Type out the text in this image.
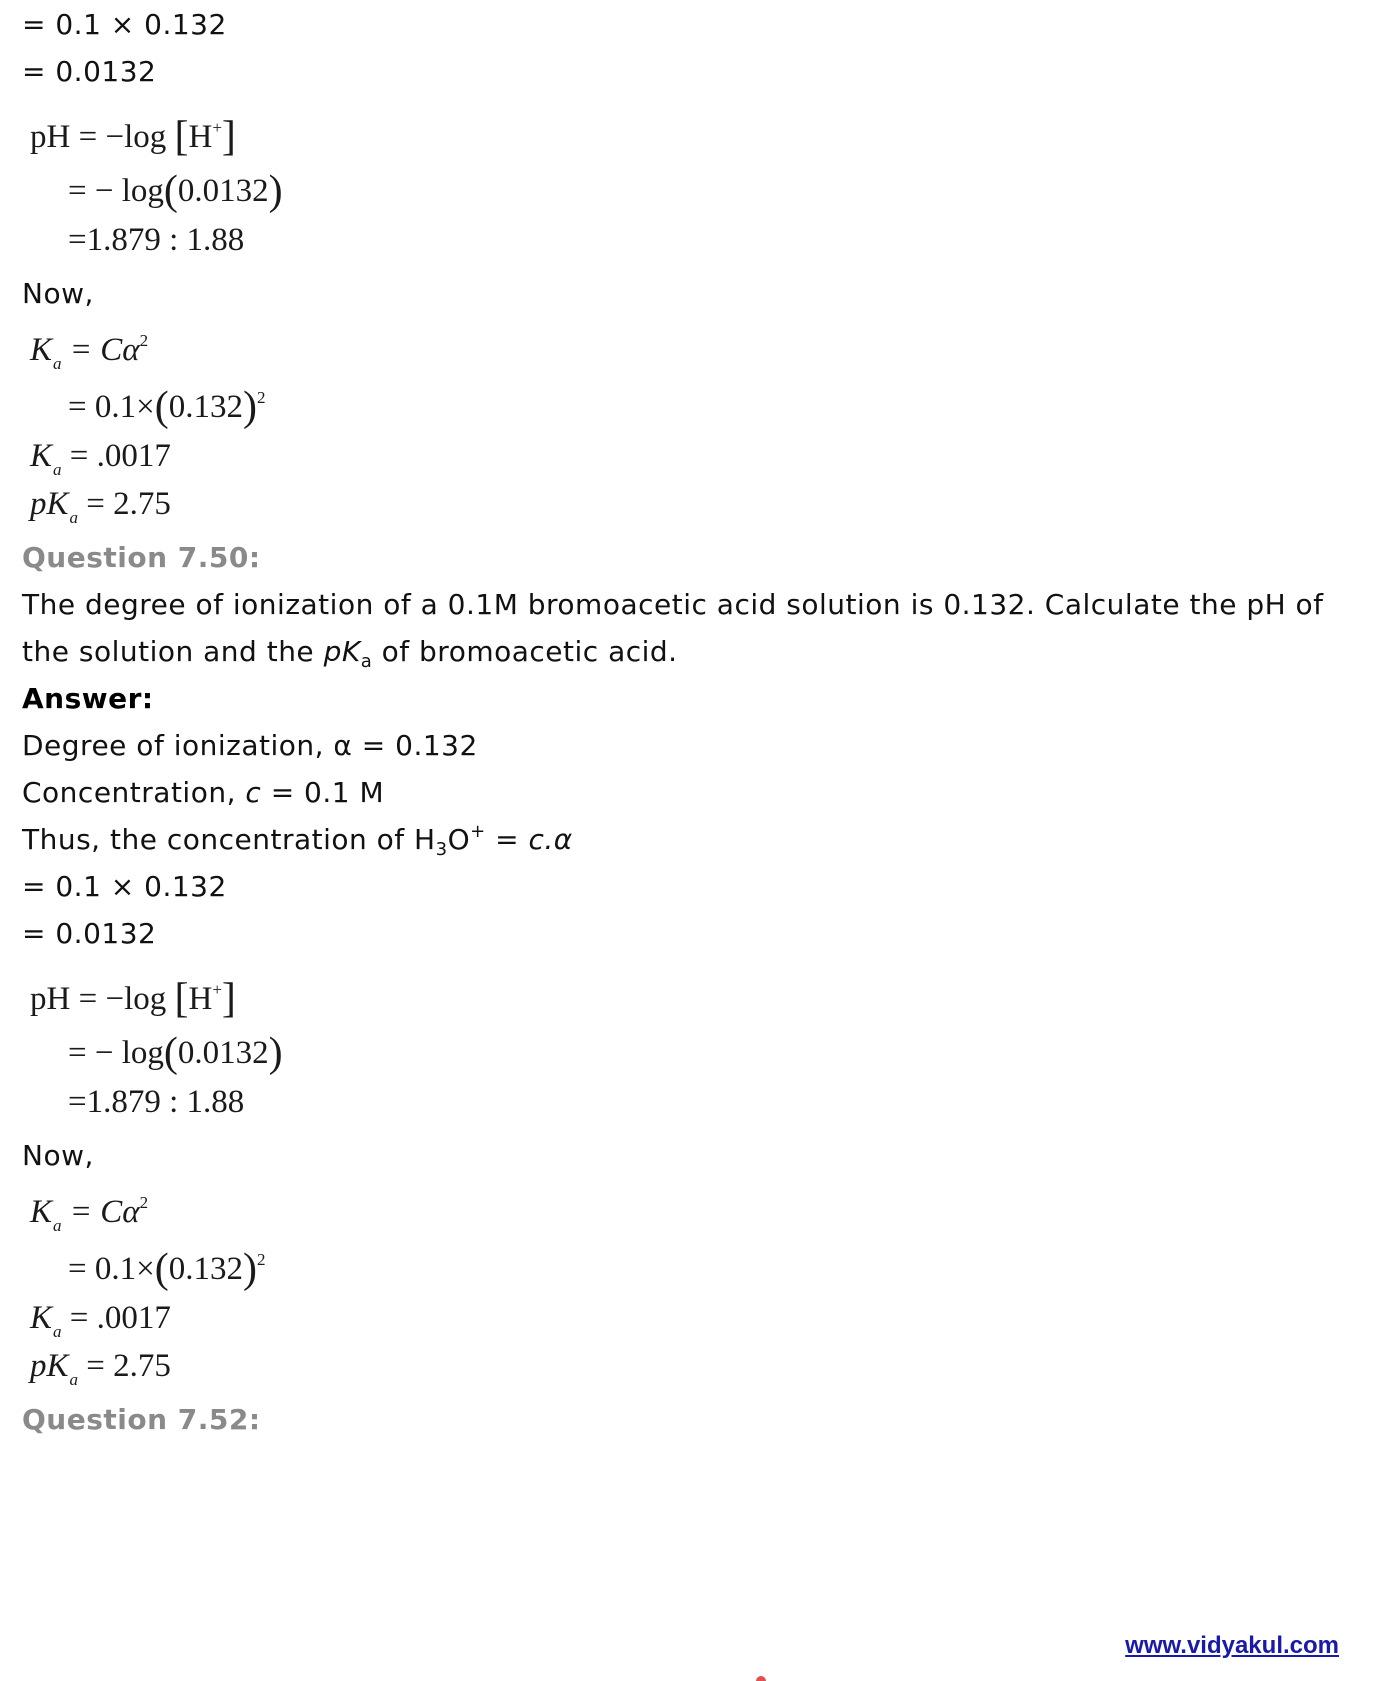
= 0.1 × 0.132
= 0.0132
pH = −log [H+]
= − log(0.0132)
=1.879 : 1.88
Now,
$K_a = C\alpha^2$
= $0.1\times(0.132)^2$
$K_a = .0017$
$pK_a = 2.75$
Question 7.50:
The degree of ionization of a 0.1M bromoacetic acid solution is 0.132. Calculate the pH of
the solution and the $pK_a$ of bromoacetic acid.
Answer:
Degree of ionization, α = 0.132
Concentration, c = 0.1 M
Thus, the concentration of $H_3O^+ = c.\alpha$
= 0.1 × 0.132
= 0.0132
pH = −log [H+]
= − log(0.0132)
=1.879 : 1.88
Now,
$K_a = C\alpha^2$
= $0.1\times(0.132)^2$
$K_a = .0017$
$pK_a = 2.75$
Question 7.52:
www.vidyakul.com
